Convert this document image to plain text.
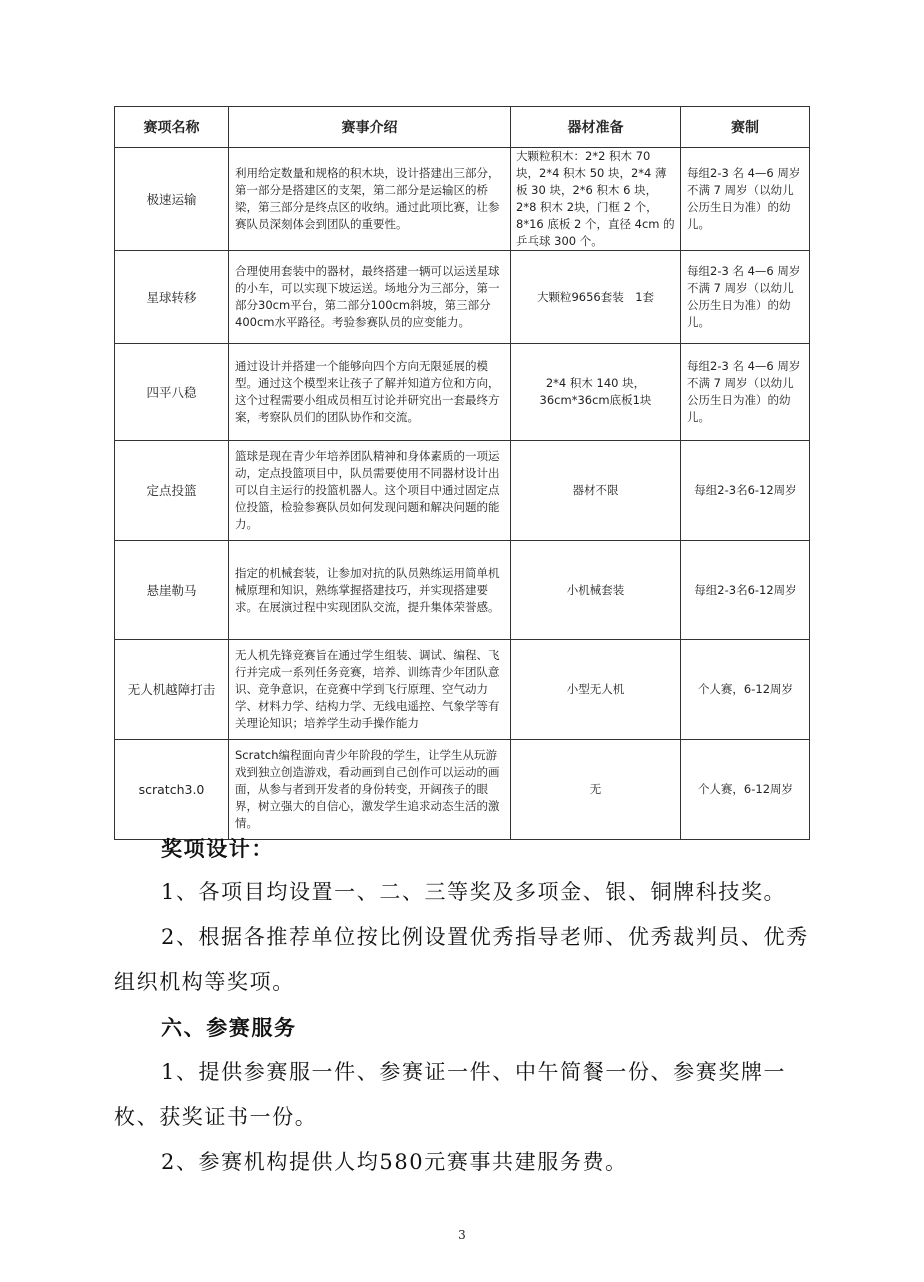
赛项名称	赛事介绍	器材准备	赛制
极速运输	利用给定数量和规格的积木块，设计搭建出三部分，第一部分是搭建区的支架，第二部分是运输区的桥梁，第三部分是终点区的收纳。通过此项比赛，让参赛队员深刻体会到团队的重要性。	大颗粒积木：2*2 积木 70 块，2*4 积木 50 块，2*4 薄板 30 块，2*6 积木 6 块，2*8 积木 2块，门框 2 个，8*16 底板 2 个，直径 4cm 的乒乓球 300 个。	每组2-3 名 4—6 周岁不满 7 周岁（以幼儿公历生日为准）的幼儿。
星球转移	合理使用套装中的器材，最终搭建一辆可以运送星球的小车，可以实现下坡运送。场地分为三部分，第一部分30cm平台，第二部分100cm斜坡，第三部分400cm水平路径。考验参赛队员的应变能力。	大颗粒9656套装　1套	每组2-3 名 4—6 周岁不满 7 周岁（以幼儿公历生日为准）的幼儿。
四平八稳	通过设计并搭建一个能够向四个方向无限延展的模型。通过这个模型来让孩子了解并知道方位和方向，这个过程需要小组成员相互讨论并研究出一套最终方案，考察队员们的团队协作和交流。	2*4 积木 140 块，36cm*36cm底板1块	每组2-3 名 4—6 周岁不满 7 周岁（以幼儿公历生日为准）的幼儿。
定点投篮	篮球是现在青少年培养团队精神和身体素质的一项运动，定点投篮项目中，队员需要使用不同器材设计出可以自主运行的投篮机器人。这个项目中通过固定点位投篮，检验参赛队员如何发现问题和解决问题的能力。	器材不限	每组2-3名6-12周岁
悬崖勒马	指定的机械套装，让参加对抗的队员熟练运用简单机械原理和知识，熟练掌握搭建技巧，并实现搭建要求。在展演过程中实现团队交流，提升集体荣誉感。	小机械套装	每组2-3名6-12周岁
无人机越障打击	无人机先锋竞赛旨在通过学生组装、调试、编程、飞行并完成一系列任务竞赛，培养、训练青少年团队意识、竞争意识，在竞赛中学到飞行原理、空气动力学、材料力学、结构力学、无线电遥控、气象学等有关理论知识；培养学生动手操作能力	小型无人机	个人赛，6-12周岁
scratch3.0	Scratch编程面向青少年阶段的学生，让学生从玩游戏到独立创造游戏，看动画到自己创作可以运动的画面，从参与者到开发者的身份转变，开阔孩子的眼界，树立强大的自信心，激发学生追求动态生活的激情。	无	个人赛，6-12周岁

奖项设计：

1、各项目均设置一、二、三等奖及多项金、银、铜牌科技奖。

2、根据各推荐单位按比例设置优秀指导老师、优秀裁判员、优秀组织机构等奖项。

六、参赛服务

1、提供参赛服一件、参赛证一件、中午简餐一份、参赛奖牌一枚、获奖证书一份。

2、参赛机构提供人均580元赛事共建服务费。

3
